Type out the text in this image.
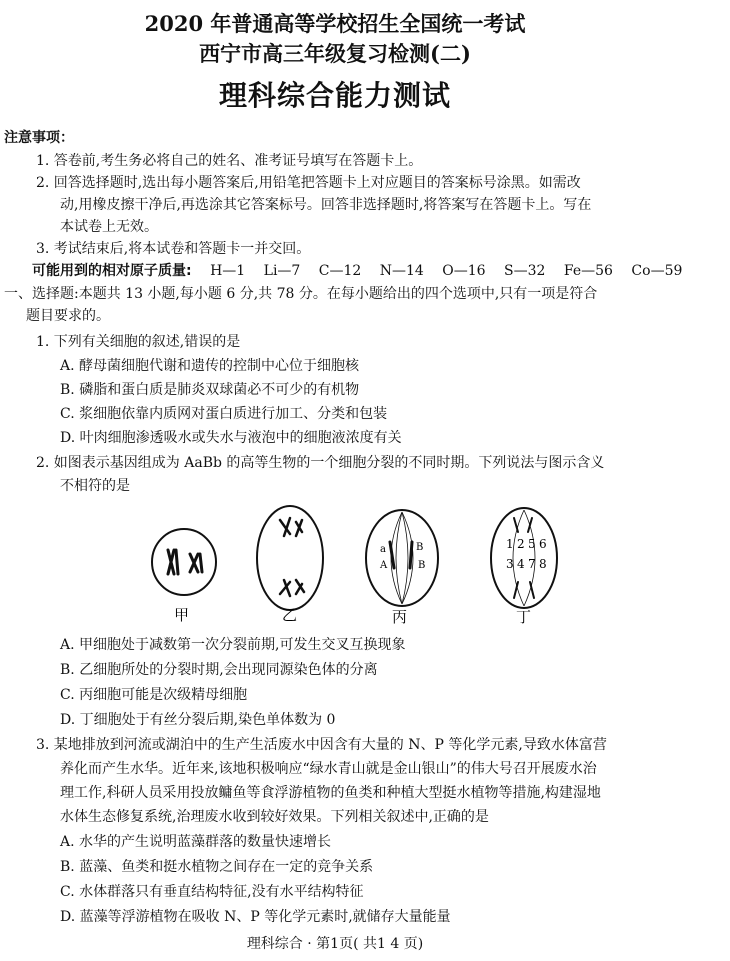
2020 年普通高等学校招生全国统一考试
西宁市高三年级复习检测(二)
理科综合能力测试
注意事项：
1. 答卷前,考生务必将自己的姓名、准考证号填写在答题卡上。
2. 回答选择题时,选出每小题答案后,用铅笔把答题卡上对应题目的答案标号涂黑。如需改
动,用橡皮擦干净后,再选涂其它答案标号。回答非选择题时,将答案写在答题卡上。写在
本试卷上无效。
3. 考试结束后,将本试卷和答题卡一并交回。
可能用到的相对原子质量: H—1 Li—7 C—12 N—14 O—16 S—32 Fe—56 Co—59
一、选择题:本题共 13 小题,每小题 6 分,共 78 分。在每小题给出的四个选项中,只有一项是符合
题目要求的。
1. 下列有关细胞的叙述,错误的是
A. 酵母菌细胞代谢和遗传的控制中心位于细胞核
B. 磷脂和蛋白质是肺炎双球菌必不可少的有机物
C. 浆细胞依靠内质网对蛋白质进行加工、分类和包装
D. 叶肉细胞渗透吸水或失水与液泡中的细胞液浓度有关
2. 如图表示基因组成为 AaBb 的高等生物的一个细胞分裂的不同时期。下列说法与图示含义
不相符的是
甲	乙
a
A
B
B
丙
1 2 5 6
3 4 7 8
丁
A. 甲细胞处于减数第一次分裂前期,可发生交叉互换现象
B. 乙细胞所处的分裂时期,会出现同源染色体的分离
C. 丙细胞可能是次级精母细胞
D. 丁细胞处于有丝分裂后期,染色单体数为 0
3. 某地排放到河流或湖泊中的生产生活废水中因含有大量的 N、P 等化学元素,导致水体富营
养化而产生水华。近年来,该地积极响应“绿水青山就是金山银山”的伟大号召开展废水治
理工作,科研人员采用投放鳙鱼等食浮游植物的鱼类和种植大型挺水植物等措施,构建湿地
水体生态修复系统,治理废水收到较好效果。下列相关叙述中,正确的是
A. 水华的产生说明蓝藻群落的数量快速增长
B. 蓝藻、鱼类和挺水植物之间存在一定的竞争关系
C. 水体群落只有垂直结构特征,没有水平结构特征
D. 蓝藻等浮游植物在吸收 N、P 等化学元素时,就储存大量能量
理科综合 · 第1页( 共1 4 页)
